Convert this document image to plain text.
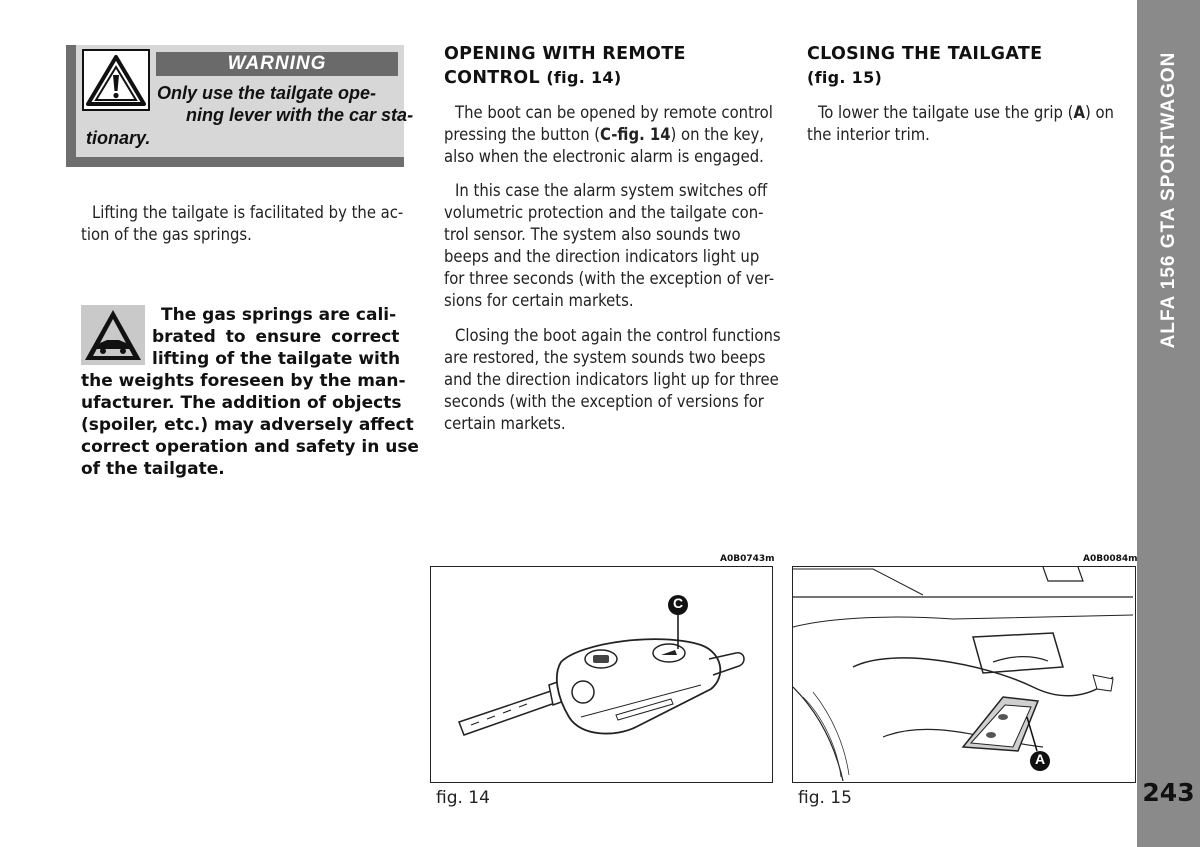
ALFA 156 GTA SPORTWAGON
243
WARNING
Only use the tailgate ope-
ning lever with the car sta-
tionary.
Lifting the tailgate is facilitated by the ac-
tion of the gas springs.
The gas springs are cali-
brated to ensure correct
lifting of the tailgate with
the weights foreseen by the man-
ufacturer. The addition of objects
(spoiler, etc.) may adversely affect
correct operation and safety in use
of the tailgate.
OPENING WITH REMOTE
CONTROL (fig. 14)
The boot can be opened by remote control
pressing the button (C-fig. 14) on the key,
also when the electronic alarm is engaged.
In this case the alarm system switches off
volumetric protection and the tailgate con-
trol sensor. The system also sounds two
beeps and the direction indicators light up
for three seconds (with the exception of ver-
sions for certain markets.
Closing the boot again the control functions
are restored, the system sounds two beeps
and the direction indicators light up for three
seconds (with the exception of versions for
certain markets.
CLOSING THE TAILGATE
(fig. 15)
To lower the tailgate use the grip (A) on
the interior trim.
A0B0743m
C
fig. 14
A0B0084m
A
fig. 15
